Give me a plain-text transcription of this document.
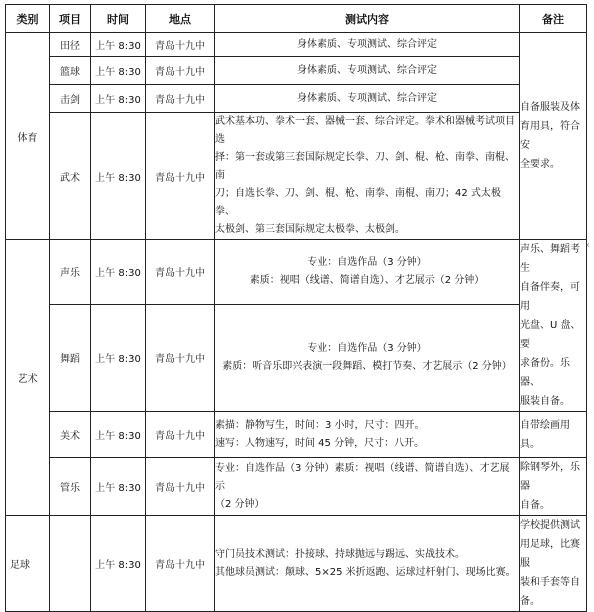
类别	项目	时间	地点	测试内容	备注
体育	田径	上午 8:30	青岛十九中	身体素质、专项测试、综合评定	自备服装及体
育用具，符合安
全要求。

	篮球	上午 8:30	青岛十九中	身体素质、专项测试、综合评定	

	击剑	上午 8:30	青岛十九中	身体素质、专项测试、综合评定	

	武术	上午 8:30	青岛十九中	武术基本功、拳术一套、器械一套、综合评定。拳术和器械考试项目选
择：第一套或第三套国际规定长拳、刀、剑、棍、枪、南拳、南棍、南
刀；自选长拳、刀、剑、棍、枪、南拳、南棍、南刀；42 式太极拳、
太极剑、第三套国际规定太极拳、太极剑。	

艺术	声乐	上午 8:30	青岛十九中	专业：自选作品（3 分钟）
素质：视唱（线谱、简谱自选）、才艺展示（2 分钟）	声乐、舞蹈考生
自备伴奏，可用
光盘、U 盘、要
求备份。乐器、
服装自备。

	舞蹈	上午 8:30	青岛十九中	专业：自选作品（3 分钟）
素质：听音乐即兴表演一段舞蹈、模打节奏、才艺展示（2 分钟）	

	美术	上午 8:30	青岛十九中	素描：静物写生，时间：3 小时，尺寸：四开。
速写：人物速写，时间 45 分钟，尺寸：八开。	自带绘画用具。

	管乐	上午 8:30	青岛十九中	专业：自选作品（3 分钟）素质：视唱（线谱、简谱自选）、才艺展示
（2 分钟）	除钢琴外，乐器
自备。

足球		上午 8:30	青岛十九中	守门员技术测试：扑接球、持球抛远与踢远、实战技术。
其他球员测试：颠球、5×25 米折返跑、运球过杆射门、现场比赛。	学校提供测试
用足球，比赛服
装和手套等自备。
‹
